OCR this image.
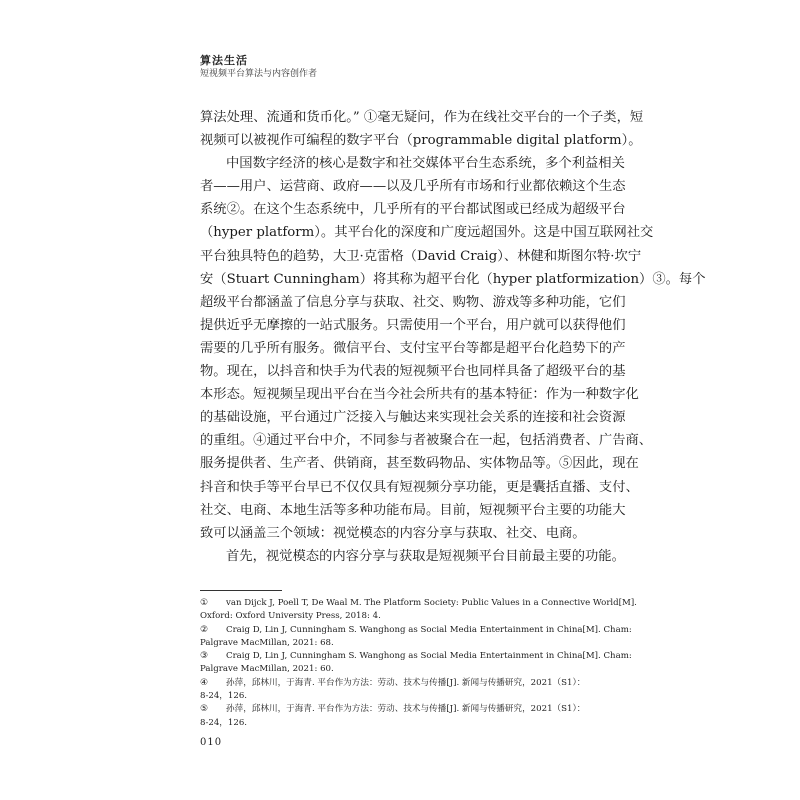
算法生活
短视频平台算法与内容创作者
算法处理、流通和货币化。” ①毫无疑问，作为在线社交平台的一个子类，短
视频可以被视作可编程的数字平台（programmable digital platform）。
中国数字经济的核心是数字和社交媒体平台生态系统，多个利益相关
者——用户、运营商、政府——以及几乎所有市场和行业都依赖这个生态
系统②。在这个生态系统中，几乎所有的平台都试图或已经成为超级平台
（hyper platform）。其平台化的深度和广度远超国外。这是中国互联网社交
平台独具特色的趋势，大卫·克雷格（David Craig）、林健和斯图尔特·坎宁
安（Stuart Cunningham）将其称为超平台化（hyper platformization）③。每个
超级平台都涵盖了信息分享与获取、社交、购物、游戏等多种功能，它们
提供近乎无摩擦的一站式服务。只需使用一个平台，用户就可以获得他们
需要的几乎所有服务。微信平台、支付宝平台等都是超平台化趋势下的产
物。现在，以抖音和快手为代表的短视频平台也同样具备了超级平台的基
本形态。短视频呈现出平台在当今社会所共有的基本特征：作为一种数字化
的基础设施，平台通过广泛接入与触达来实现社会关系的连接和社会资源
的重组。④通过平台中介，不同参与者被聚合在一起，包括消费者、广告商、
服务提供者、生产者、供销商，甚至数码物品、实体物品等。⑤因此，现在
抖音和快手等平台早已不仅仅具有短视频分享功能，更是囊括直播、支付、
社交、电商、本地生活等多种功能布局。目前，短视频平台主要的功能大
致可以涵盖三个领域：视觉模态的内容分享与获取、社交、电商。
首先，视觉模态的内容分享与获取是短视频平台目前最主要的功能。
①	van Dijck J, Poell T, De Waal M. The Platform Society: Public Values in a Connective World[M].
Oxford: Oxford University Press, 2018: 4.
②	Craig D, Lin J, Cunningham S. Wanghong as Social Media Entertainment in China[M]. Cham:
Palgrave MacMillan, 2021: 68.
③	Craig D, Lin J, Cunningham S. Wanghong as Social Media Entertainment in China[M]. Cham:
Palgrave MacMillan, 2021: 60.
④	孙萍，邱林川，于海青. 平台作为方法：劳动、技术与传播[J]. 新闻与传播研究，2021（S1）：
8-24，126.
⑤	孙萍，邱林川，于海青. 平台作为方法：劳动、技术与传播[J]. 新闻与传播研究，2021（S1）：
8-24，126.
010
